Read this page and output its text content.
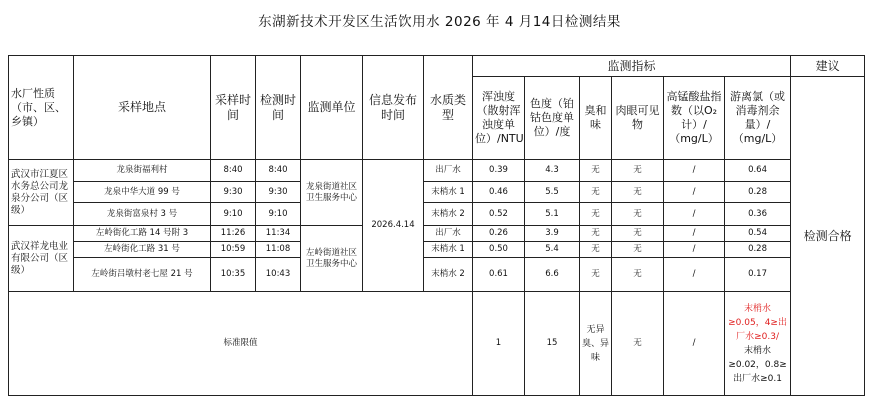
东湖新技术开发区生活饮用水 2026 年 4 月14日检测结果
水厂性质（市、区、乡镇）	采样地点	采样时间	检测时间	监测单位	信息发布时间	水质类型	监测指标						建议

							浑浊度（散射浑浊度单位）/NTU	色度（铂钴色度单位）/度	臭和味	肉眼可见物	高锰酸盐指数（以O₂计）/（mg/L）	游离氯（或消毒剂余量）/（mg/L）	检测合格

武汉市江夏区水务总公司龙泉分公司（区级）	龙泉街福利村	8:40	8:40	龙泉街道社区卫生服务中心	2026.4.14	出厂水	0.39	4.3	无	无	/	0.64	
	龙泉中华大道 99 号	9:30	9:30			末梢水 1	0.46	5.5	无	无	/	0.28	
	龙泉街富泉村 3 号	9:10	9:10			末梢水 2	0.52	5.1	无	无	/	0.36	

武汉祥龙电业有限公司（区级）	左岭街化工路 14 号附 3	11:26	11:34	左岭街道社区卫生服务中心		出厂水	0.26	3.9	无	无	/	0.54	
	左岭街化工路 31 号	10:59	11:08			末梢水 1	0.50	5.4	无	无	/	0.28	

	左岭街吕墩村老七屋 21 号	10:35	10:43			末梢水 2	0.61	6.6	无	无	/	0.17	
标准限值							1	15	无异臭、异味	无	/	末梢水≥0.05，4≥出厂水≥0.3/
末梢水≥0.02，0.8≥出厂水≥0.1	
